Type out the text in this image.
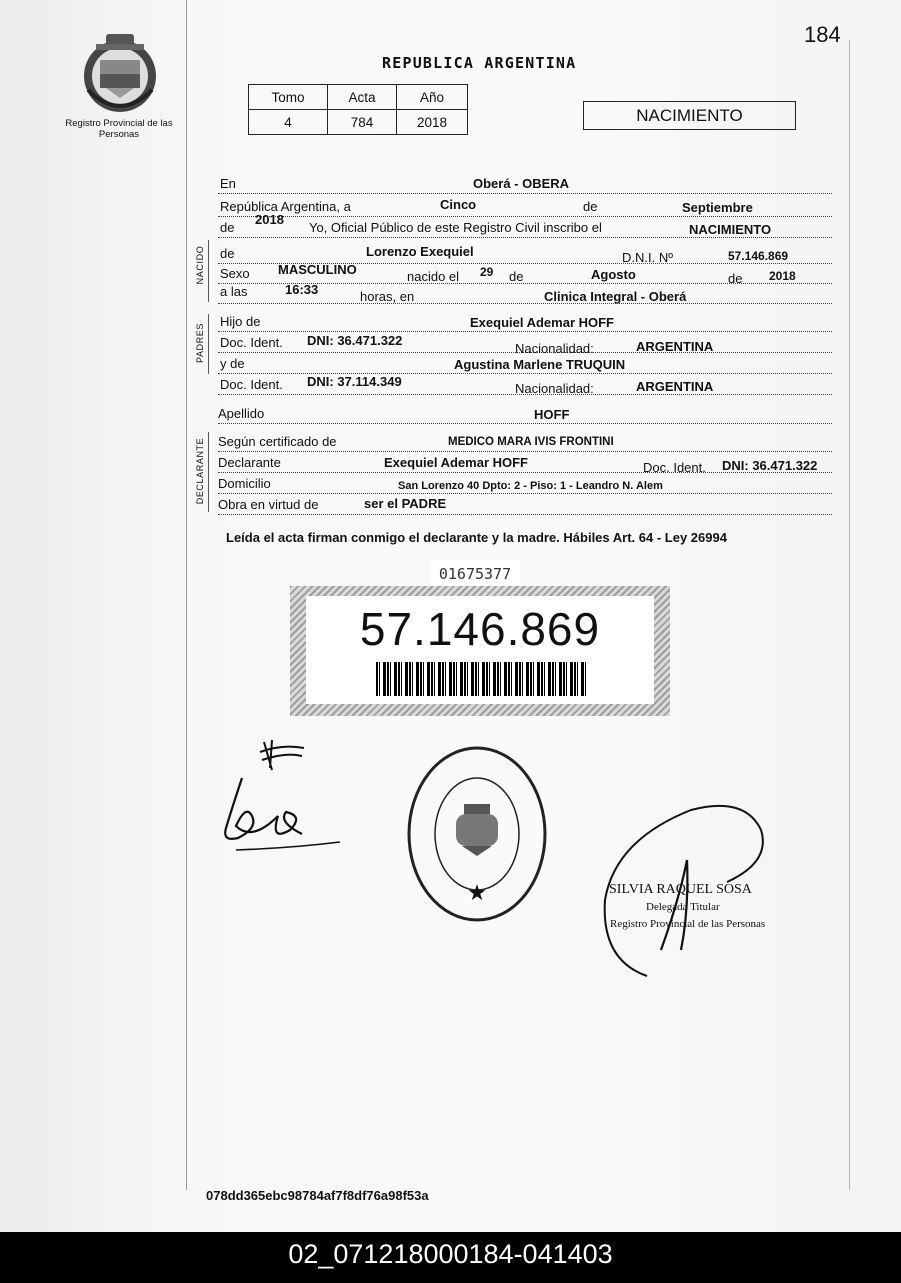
184
Registro Provincial de las Personas
REPUBLICA ARGENTINA
Tomo	Acta	Año
4	784	2018	NACIMIENTO
NACIDO
PADRES
DECLARANTE
En	Oberá - OBERA
República Argentina, a	Cinco	de	Septiembre
de
2018
Yo, Oficial Público de este Registro Civil inscribo el	NACIMIENTO
de	Lorenzo Exequiel	D.N.I. Nº	57.146.869
Sexo MASCULINO	nacido el 29 de	Agosto	de 2018
a las	16:33	horas, en	Clinica Integral - Oberá
Hijo de	Exequiel Ademar HOFF
Doc. Ident. DNI: 36.471.322
Nacionalidad:	ARGENTINA
y de	Agustina Marlene TRUQUIN
Doc. Ident. DNI: 37.114.349	Nacionalidad:	ARGENTINA
Apellido	HOFF
Según certificado de	MEDICO MARA IVIS FRONTINI
Declarante	Exequiel Ademar HOFF	Doc. Ident. DNI: 36.471.322
Domicilio	San Lorenzo 40 Dpto: 2 - Piso: 1 - Leandro N. Alem
Obra en virtud de	ser el PADRE
Leída el acta firman conmigo el declarante y la madre. Hábiles Art. 64 - Ley 26994
01675377
57.146.869
★	SILVIA RAQUEL SOSA
Delegada Titular
Registro Provincial de las Personas
078dd365ebc98784af7f8df76a98f53a
02_071218000184-041403
